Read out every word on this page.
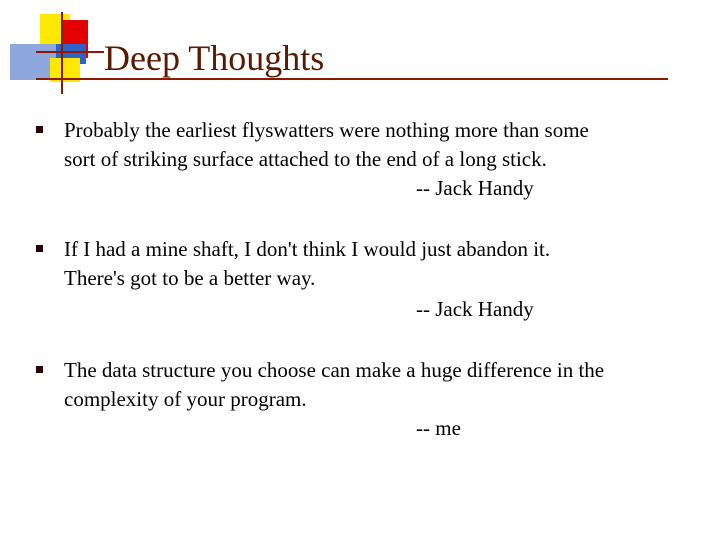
Deep Thoughts
Probably the earliest flyswatters were nothing more than some
sort of striking surface attached to the end of a long stick.
-- Jack Handy
If I had a mine shaft, I don't think I would just abandon it.
There's got to be a better way.
-- Jack Handy
The data structure you choose can make a huge difference in the
complexity of your program.
-- me
